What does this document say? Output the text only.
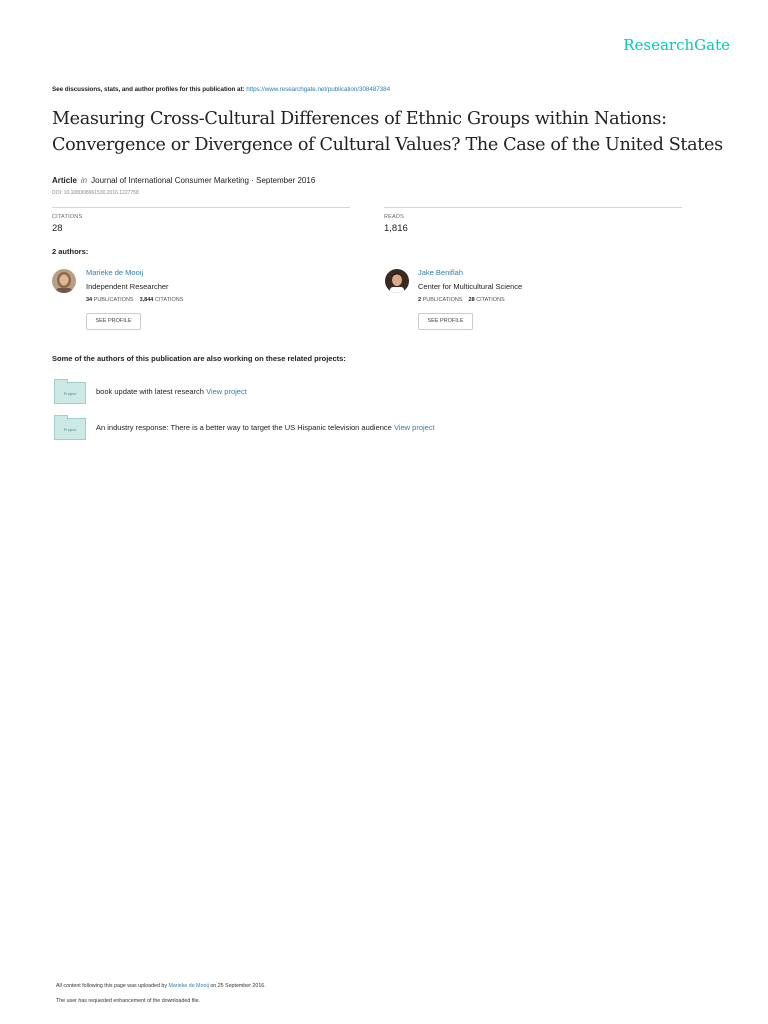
ResearchGate
See discussions, stats, and author profiles for this publication at: https://www.researchgate.net/publication/308487384
Measuring Cross-Cultural Differences of Ethnic Groups within Nations: Convergence or Divergence of Cultural Values? The Case of the United States
Article in Journal of International Consumer Marketing · September 2016
DOI: 10.1080/08961530.2016.1227758
CITATIONS
28
READS
1,816
2 authors:
Marieke de Mooij
Independent Researcher
34 PUBLICATIONS 3,844 CITATIONS
SEE PROFILE
Jake Beniflah
Center for Multicultural Science
2 PUBLICATIONS 28 CITATIONS
SEE PROFILE
Some of the authors of this publication are also working on these related projects:
Project	book update with latest research View project
Project	An industry response: There is a better way to target the US Hispanic television audience View project
All content following this page was uploaded by Marieke de Mooij on 25 September 2016.
The user has requested enhancement of the downloaded file.
